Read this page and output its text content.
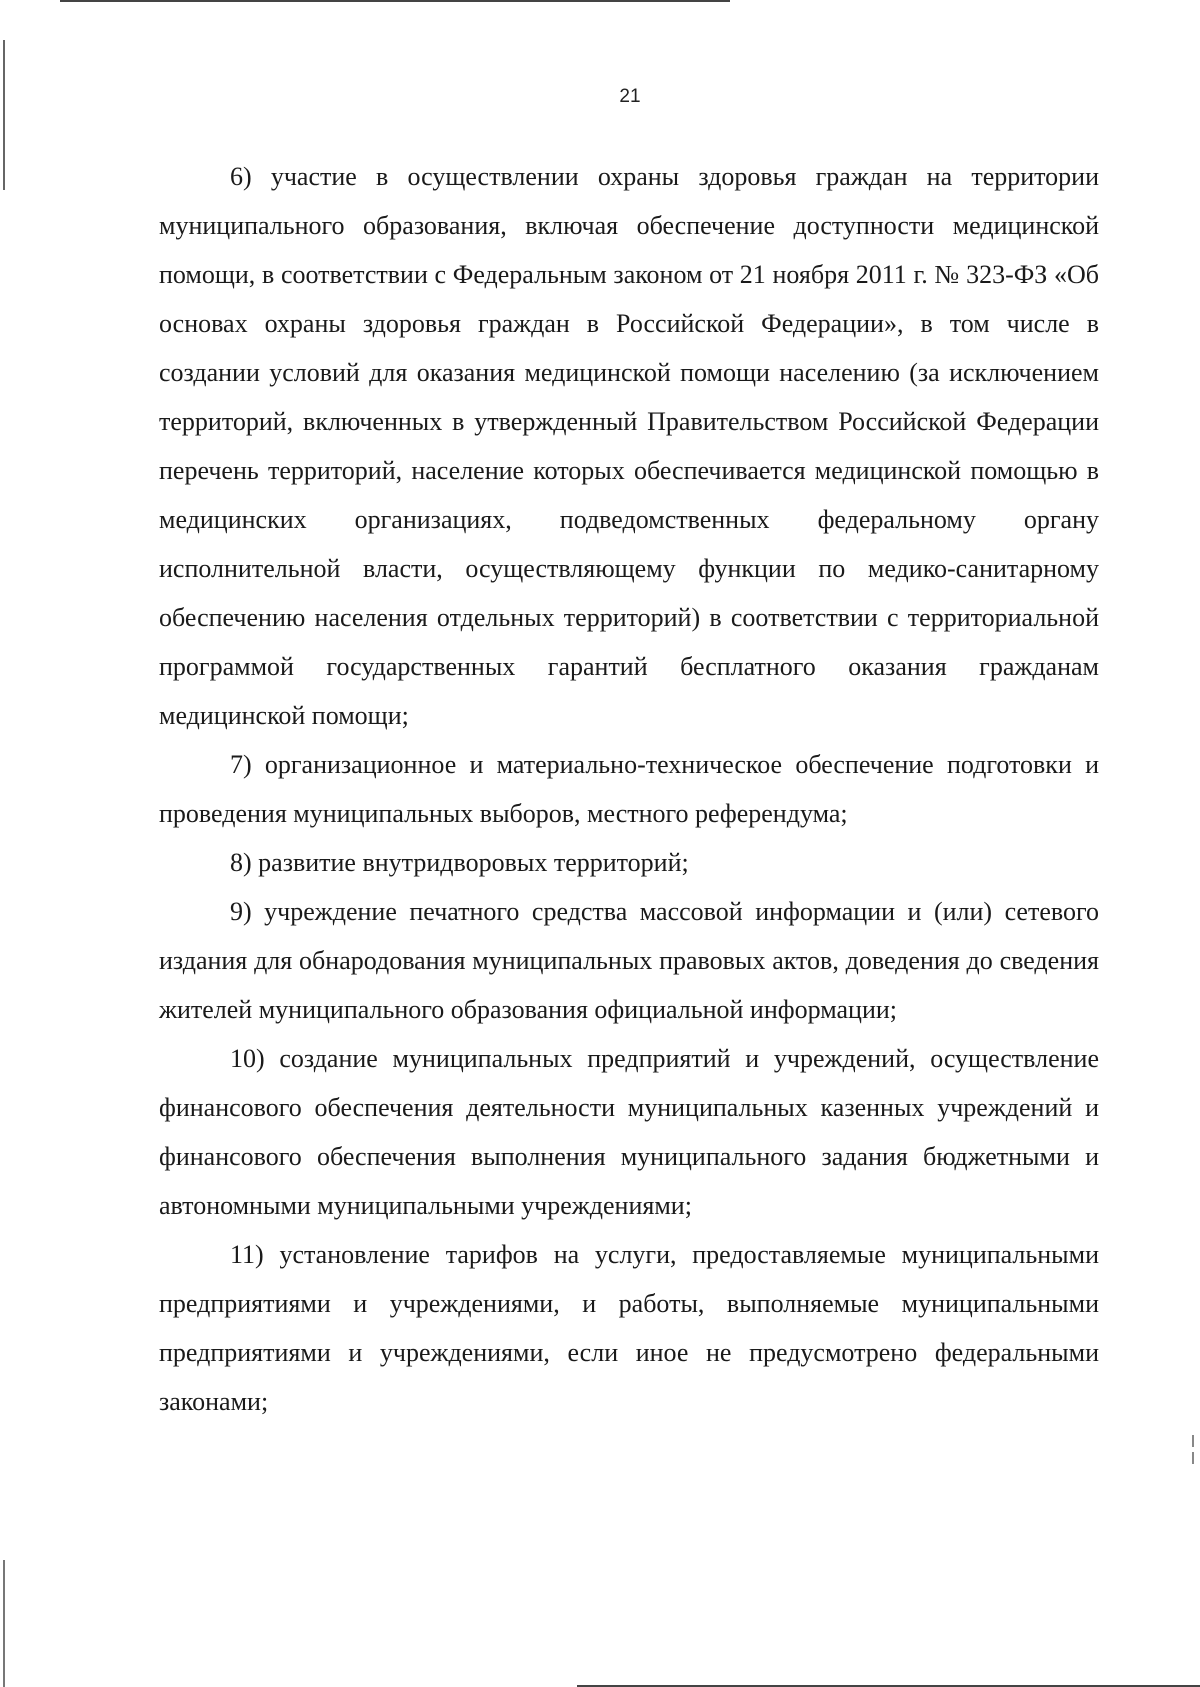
21

6) участие в осуществлении охраны здоровья граждан на территории муниципального образования, включая обеспечение доступности медицинской помощи, в соответствии с Федеральным законом от 21 ноября 2011 г. № 323-ФЗ «Об основах охраны здоровья граждан в Российской Федерации», в том числе в создании условий для оказания медицинской помощи населению (за исключением территорий, включенных в утвержденный Правительством Российской Федерации перечень территорий, население которых обеспечивается медицинской помощью в медицинских организациях, подведомственных федеральному органу исполнительной власти, осуществляющему функции по медико-санитарному обеспечению населения отдельных территорий) в соответствии с территориальной программой государственных гарантий бесплатного оказания гражданам медицинской помощи;

7) организационное и материально-техническое обеспечение подготовки и проведения муниципальных выборов, местного референдума;

8) развитие внутридворовых территорий;

9) учреждение печатного средства массовой информации и (или) сетевого издания для обнародования муниципальных правовых актов, доведения до сведения жителей муниципального образования официальной информации;

10) создание муниципальных предприятий и учреждений, осуществление финансового обеспечения деятельности муниципальных казенных учреждений и финансового обеспечения выполнения муниципального задания бюджетными и автономными муниципальными учреждениями;

11) установление тарифов на услуги, предоставляемые муниципальными предприятиями и учреждениями, и работы, выполняемые муниципальными предприятиями и учреждениями, если иное не предусмотрено федеральными законами;
